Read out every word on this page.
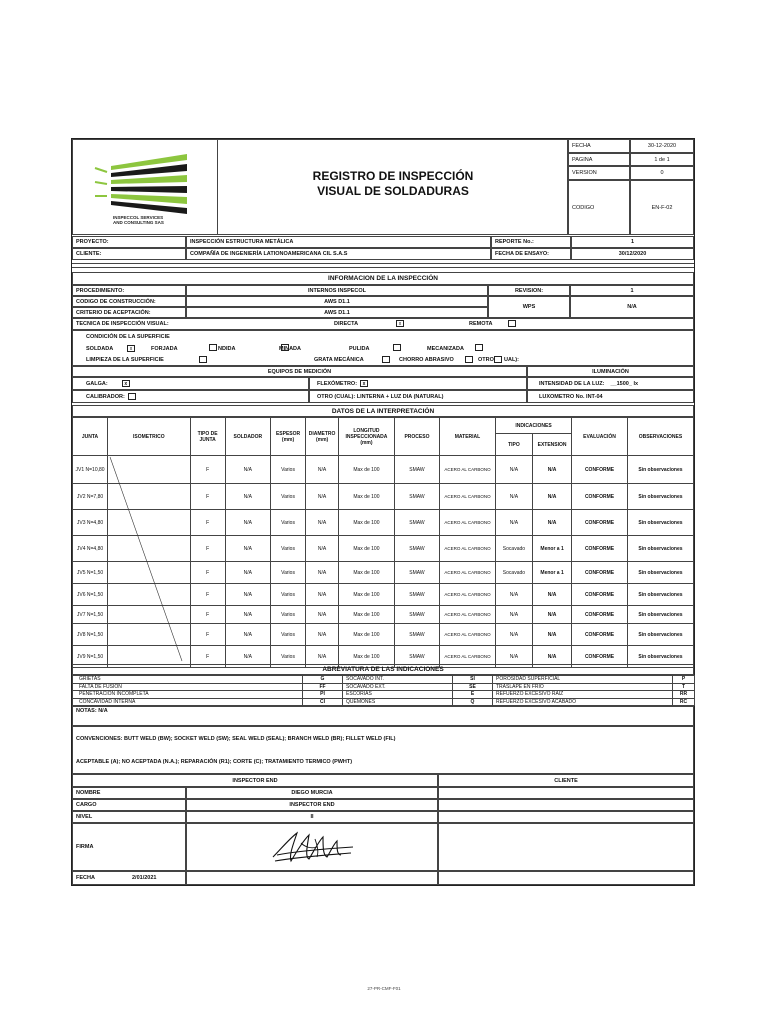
INSPECCOL SERVICES
AND CONSULTING SAS
REGISTRO DE INSPECCIÓN
VISUAL DE SOLDADURAS
FECHA	30-12-2020
PAGINA	1 de 1
VERSION	0
CODIGO	EN-F-02
PROYECTO:	INSPECCIÓN ESTRUCTURA METÁLICA	REPORTE No.:	1
CLIENTE:	COMPAÑÍA DE INGENIERÍA LATIONOAMERICANA CIL S.A.S	FECHA DE ENSAYO:	30/12/2020
INFORMACION DE LA INSPECCIÓN
PROCEDIMIENTO:	INTERNOS INSPECOL	REVISION:	1
CODIGO DE CONSTRUCCIÓN:	AWS D1.1
WPS	N/A
CRITERIO DE ACEPTACIÓN:	AWS D1.1
TECNICA DE INSPECCIÓN VISUAL:	DIRECTA	x	REMOTA
CONDICIÓN DE LA SUPERFICIE
SOLDADA	x	FORJADA	NDIDA	MINADA	PULIDA	MECANIZADA
LIMPIEZA DE LA SUPERFICIE	GRATA MECÁNICA	CHORRO ABRASIVO	OTRO UAL):
EQUIPOS DE MEDICIÓN	ILUMINACIÓN
GALGA:	x	FLEXÓMETRO:	x	INTENSIDAD DE LA LUZ: __1500_ lx
CALIBRADOR:	OTRO (CUAL): LINTERNA + LUZ DIA (NATURAL)	LUXOMETRO No. INT-04
DATOS DE LA INTERPRETACIÓN
JUNTA	ISOMETRICO	TIPO DE JUNTA	SOLDADOR	ESPESOR (mm)	DIAMETRO (mm)	LONGITUD INSPECCIONADA (mm)	PROCESO	MATERIAL	INDICACIONES		EVALUACIÓN	OBSERVACIONES
									TIPO	EXTENSION		
JV1 N=10,80		F	N/A	Varios	N/A	Max de 100	SMAW	ACERO AL CARBONO	N/A	N/A	CONFORME	Sin observaciones
JV2 N=7,80		F	N/A	Varios	N/A	Max de 100	SMAW	ACERO AL CARBONO	N/A	N/A	CONFORME	Sin observaciones
JV3 N=4,80		F	N/A	Varios	N/A	Max de 100	SMAW	ACERO AL CARBONO	N/A	N/A	CONFORME	Sin observaciones
JV4 N=4,80		F	N/A	Varios	N/A	Max de 100	SMAW	ACERO AL CARBONO	Socavado	Menor a 1	CONFORME	Sin observaciones
JV5 N=1,50		F	N/A	Varios	N/A	Max de 100	SMAW	ACERO AL CARBONO	Socavado	Menor a 1	CONFORME	Sin observaciones
JV6 N=1,50		F	N/A	Varios	N/A	Max de 100	SMAW	ACERO AL CARBONO	N/A	N/A	CONFORME	Sin observaciones
JV7 N=1,50		F	N/A	Varios	N/A	Max de 100	SMAW	ACERO AL CARBONO	N/A	N/A	CONFORME	Sin observaciones
JV8 N=1,50		F	N/A	Varios	N/A	Max de 100	SMAW	ACERO AL CARBONO	N/A	N/A	CONFORME	Sin observaciones
JV9 N=1,50		F	N/A	Varios	N/A	Max de 100	SMAW	ACERO AL CARBONO	N/A	N/A	CONFORME	Sin observaciones
ABREVIATURA DE LAS INDICACIONES
GRIETAS	G	SOCAVADO INT.	SI	POROSIDAD SUPERFICIAL	P
FALTA DE FUSIÓN	FF	SOCAVADO EXT.	SE	TRASLAPE EN FRIO	T
PENETRACIÓN INCOMPLETA	PI	ESCORIAS	E	REFUERZO EXCESIVO RAIZ	RR
CONCAVIDAD INTERNA	CI	QUEMONES	Q	REFUERZO EXCESIVO ACABADO	RC
NOTAS: N/A
CONVENCIONES: BUTT WELD (BW); SOCKET WELD (SW); SEAL WELD (SEAL); BRANCH WELD (BR); FILLET WELD (FIL)
ACEPTABLE (A); NO ACEPTADA (N.A.); REPARACIÓN (R1); CORTE (C); TRATAMIENTO TERMICO (PWHT)
INSPECTOR END	CLIENTE
NOMBRE	DIEGO MURCIA
CARGO	INSPECTOR END
NIVEL	II
FIRMA
FECHA	2/01/2021
27-PR-CMF-F01
